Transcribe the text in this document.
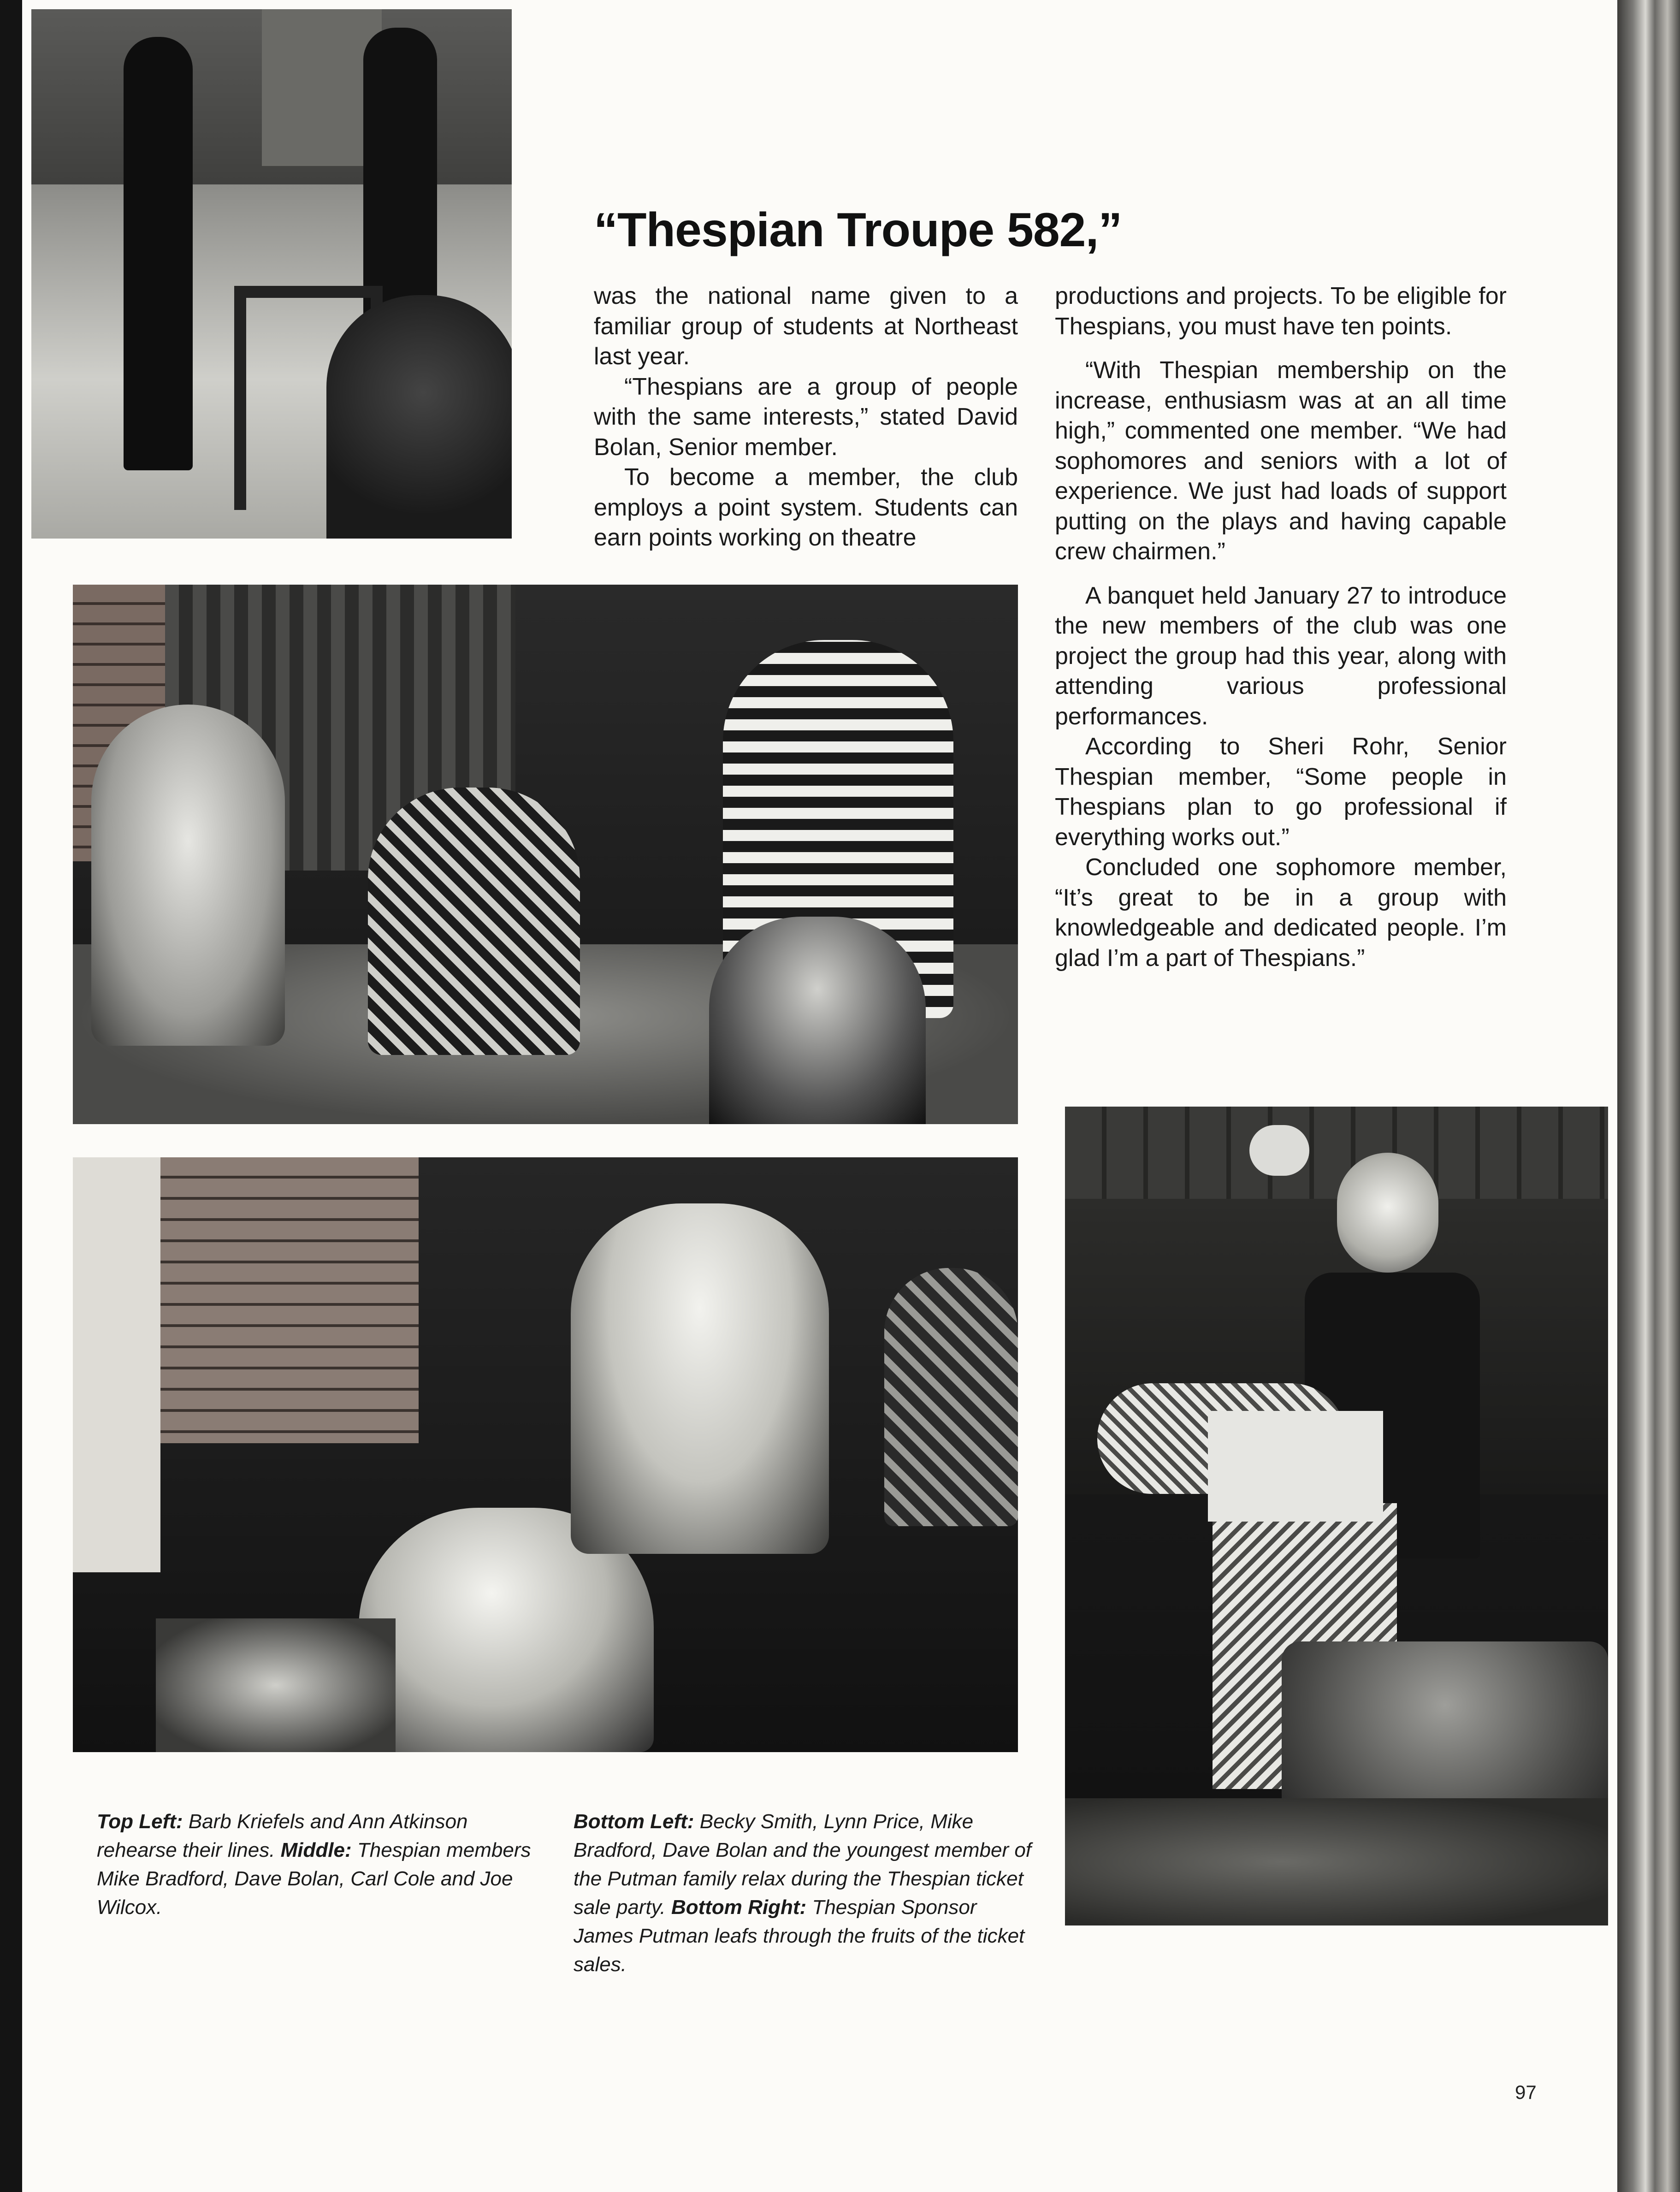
“Thespian Troupe 582,”

was the national name given to a familiar group of students at Northeast last year.

“Thespians are a group of people with the same interests,” stated David Bolan, Senior member.

To become a member, the club employs a point system. Students can earn points working on theatre

productions and projects. To be eligible for Thespians, you must have ten points.

“With Thespian membership on the increase, enthusiasm was at an all time high,” commented one member. “We had sophomores and seniors with a lot of experience. We just had loads of support putting on the plays and having capable crew chairmen.”

A banquet held January 27 to introduce the new members of the club was one project the group had this year, along with attending various professional performances.

According to Sheri Rohr, Senior Thespian member, “Some people in Thespians plan to go professional if everything works out.”

Concluded one sophomore member, “It’s great to be in a group with knowledgeable and dedicated people. I’m glad I’m a part of Thespians.”

Top Left: Barb Kriefels and Ann Atkinson rehearse their lines. Middle: Thespian members Mike Bradford, Dave Bolan, Carl Cole and Joe Wilcox.
Bottom Left: Becky Smith, Lynn Price, Mike Bradford, Dave Bolan and the youngest member of the Putman family relax during the Thespian ticket sale party. Bottom Right: Thespian Sponsor James Putman leafs through the fruits of the ticket sales.
97
